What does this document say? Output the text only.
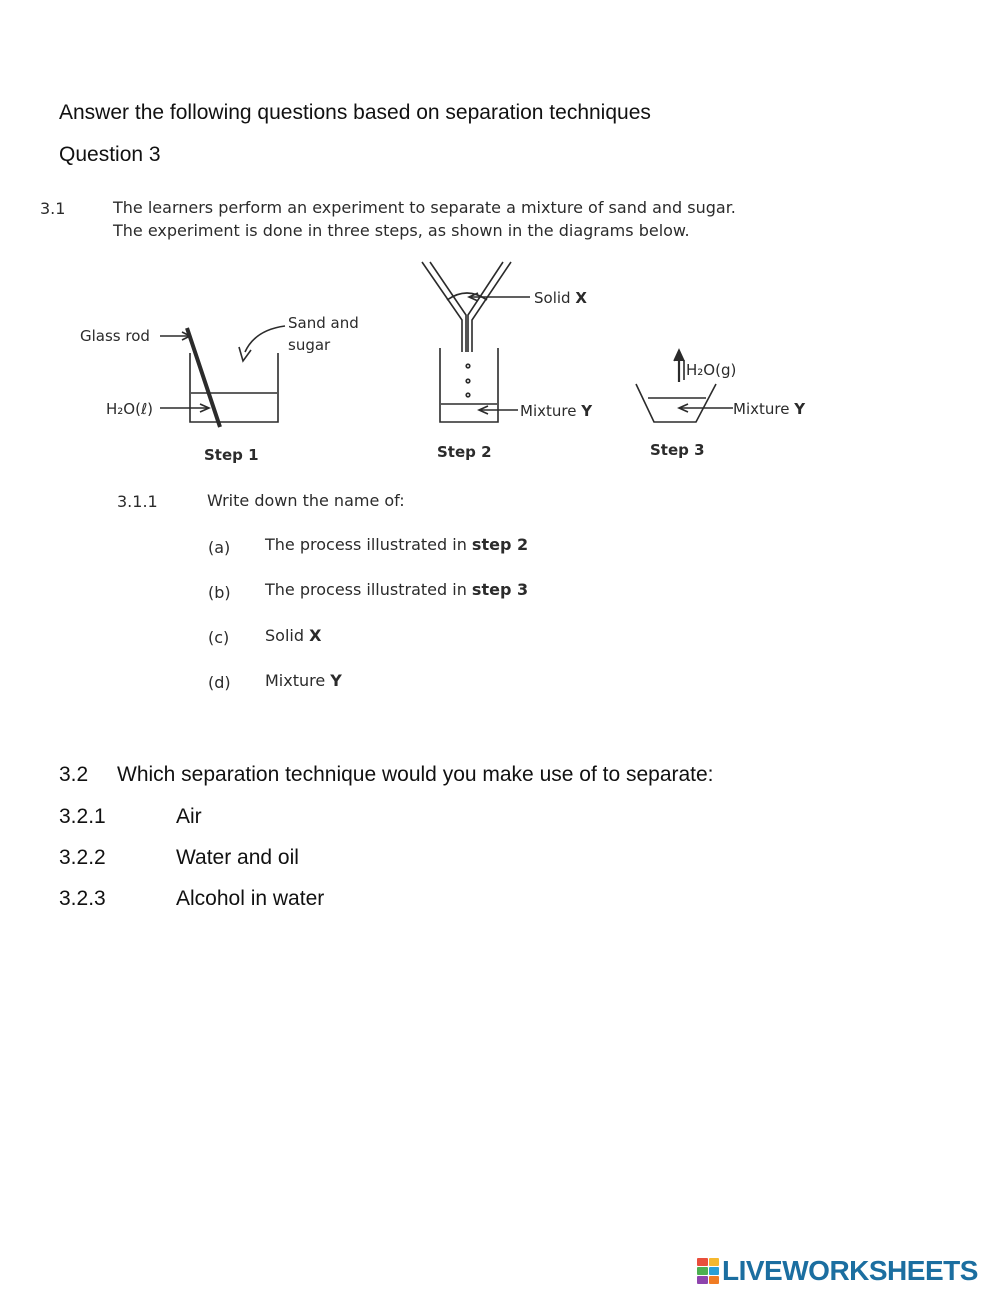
Answer the following questions based on separation techniques
Question 3
3.1	The learners perform an experiment to separate a mixture of sand and sugar.
The experiment is done in three steps, as shown in the diagrams below.
Glass rod
Sand and
sugar
H₂O(ℓ)
Step 1
Solid X
Mixture Y
Step 2
H₂O(g)
Mixture Y
Step 3
3.1.1	Write down the name of:
(a) The process illustrated in step 2
(b) The process illustrated in step 3
(c) Solid X
(d) Mixture Y
3.2 Which separation technique would you make use of to separate:
3.2.1	Air
3.2.2	Water and oil
3.2.3	Alcohol in water
LIVEWORKSHEETS
